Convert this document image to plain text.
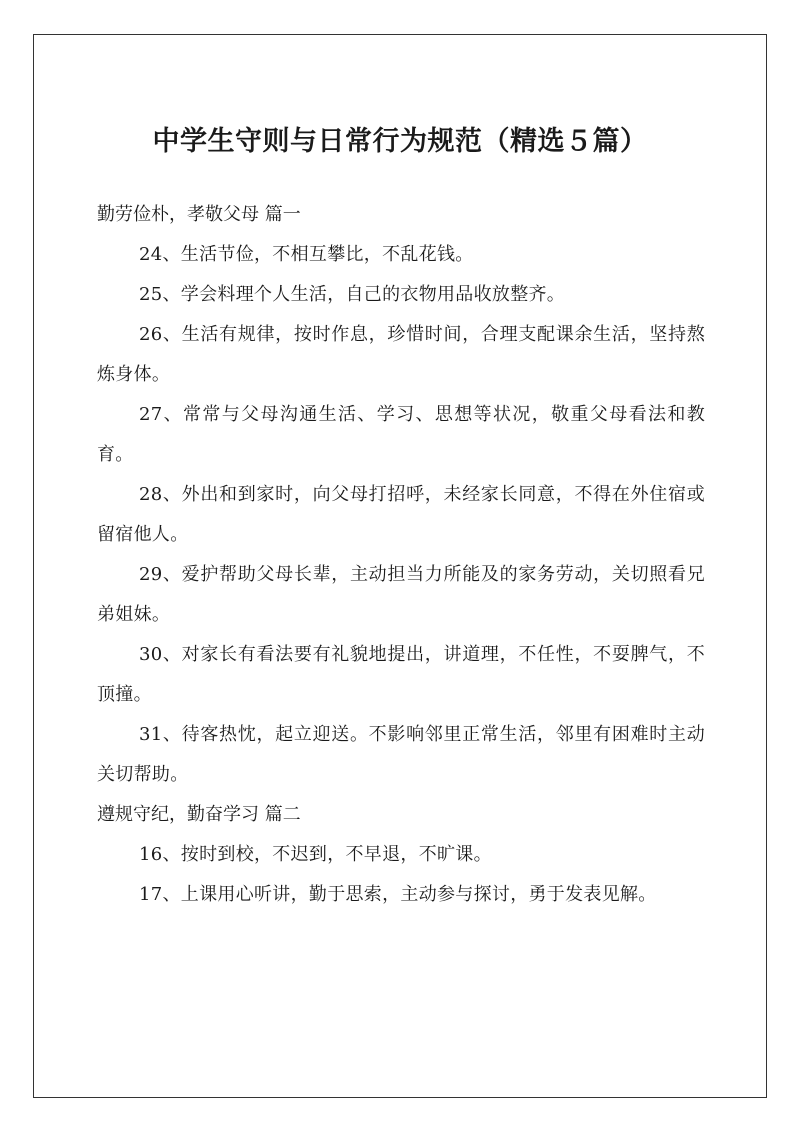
中学生守则与日常行为规范（精选５篇）

勤劳俭朴，孝敬父母 篇一

24、生活节俭，不相互攀比，不乱花钱。

25、学会料理个人生活，自己的衣物用品收放整齐。

26、生活有规律，按时作息，珍惜时间，合理支配课余生活，坚持熬炼身体。

27、常常与父母沟通生活、学习、思想等状况，敬重父母看法和教育。

28、外出和到家时，向父母打招呼，未经家长同意，不得在外住宿或留宿他人。

29、爱护帮助父母长辈，主动担当力所能及的家务劳动，关切照看兄弟姐妹。

30、对家长有看法要有礼貌地提出，讲道理，不任性，不耍脾气，不顶撞。

31、待客热忱，起立迎送。不影响邻里正常生活，邻里有困难时主动关切帮助。

遵规守纪，勤奋学习 篇二

16、按时到校，不迟到，不早退，不旷课。

17、上课用心听讲，勤于思索，主动参与探讨，勇于发表见解。
